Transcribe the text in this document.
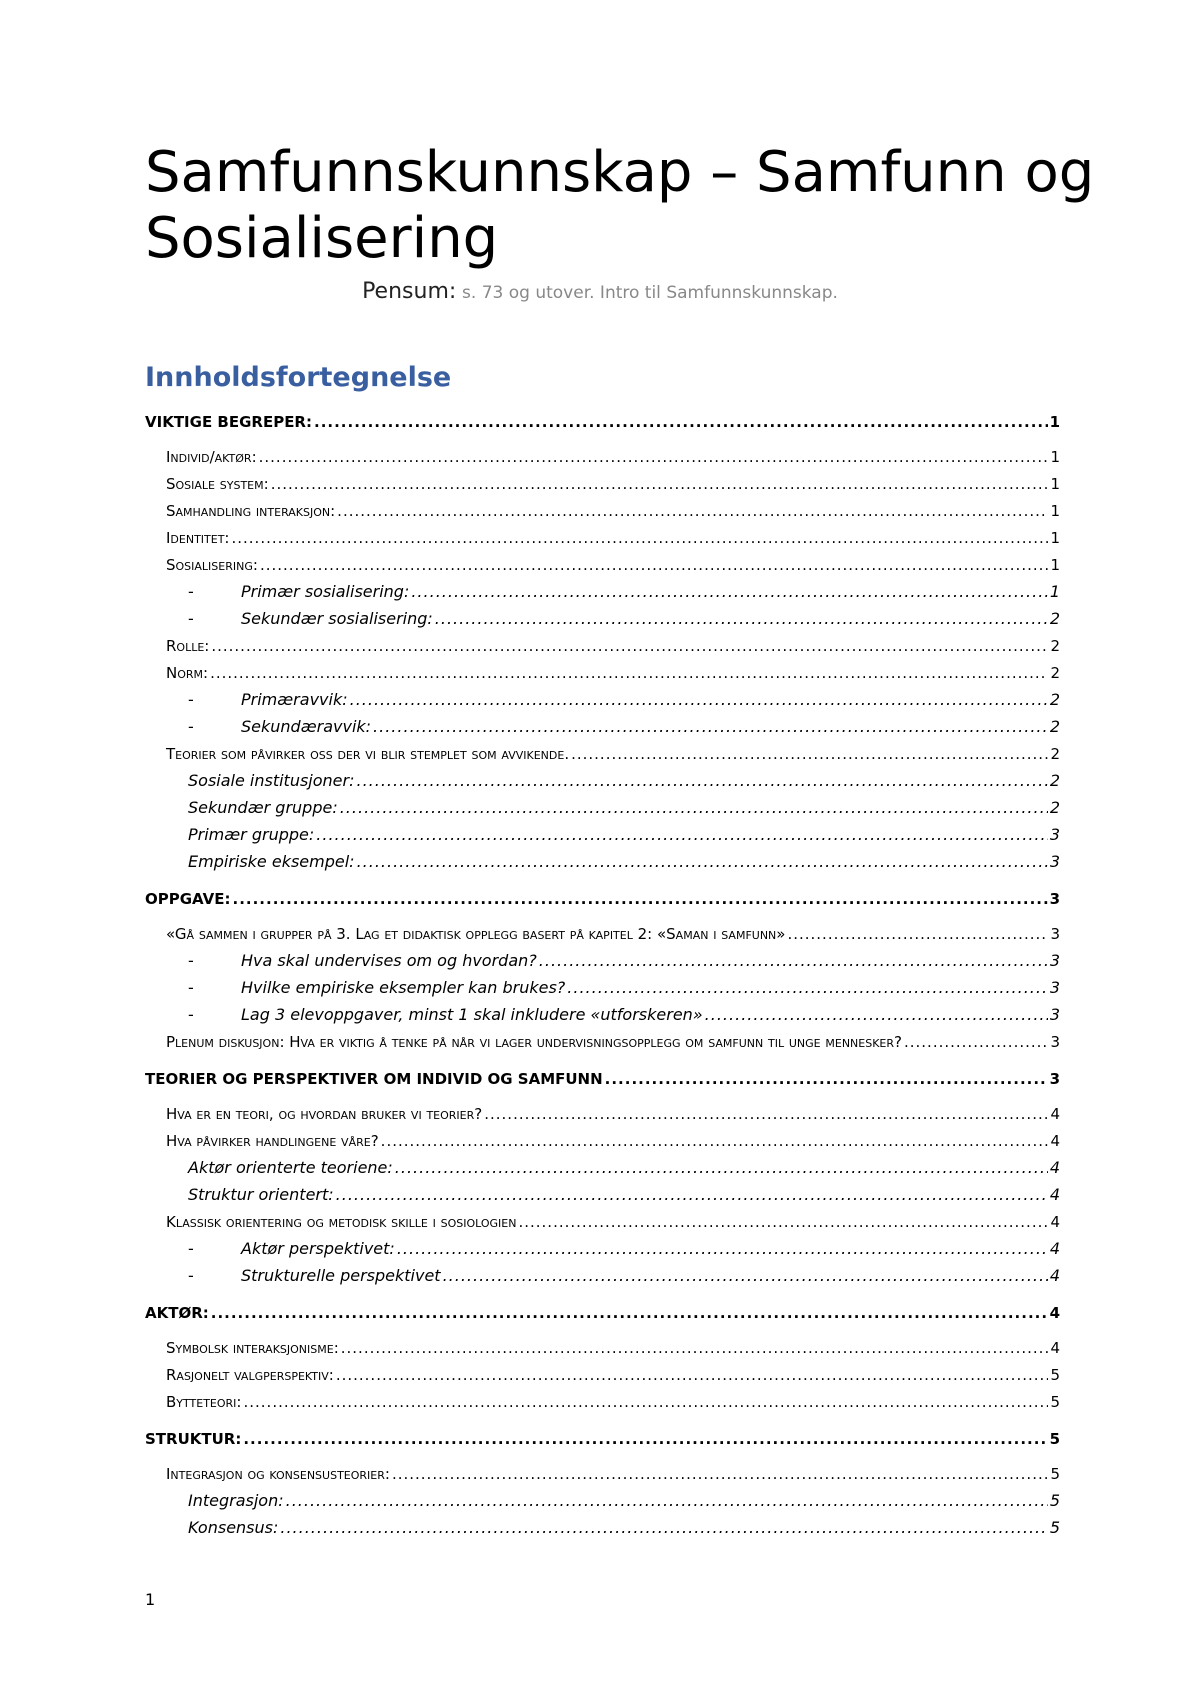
Samfunnskunnskap – Samfunn og Sosialisering
Pensum: s. 73 og utover. Intro til Samfunnskunnskap.
Innholdsfortegnelse
VIKTIGE BEGREPER: .....	1
Individ/aktør: .....	1
Sosiale system: .....	1
Samhandling interaksjon: .....	1
Identitet: .....	1
Sosialisering: .....	1
-	Primær sosialisering: .....	1
-	Sekundær sosialisering: .....	2
Rolle: .....	2
Norm: .....	2
-	Primæravvik: .....	2
-	Sekundæravvik: .....	2
Teorier som påvirker oss der vi blir stemplet som avvikende. .....	2
Sosiale institusjoner: .....	2
Sekundær gruppe: .....	2
Primær gruppe: .....	3
Empiriske eksempel: .....	3
OPPGAVE: .....	3
«Gå sammen i grupper på 3. Lag et didaktisk opplegg basert på kapitel 2: «Saman i samfunn» .....	3
-	Hva skal undervises om og hvordan? .....	3
-	Hvilke empiriske eksempler kan brukes? .....	3
-	Lag 3 elevoppgaver, minst 1 skal inkludere «utforskeren» .....	3
Plenum diskusjon: Hva er viktig å tenke på når vi lager undervisningsopplegg om samfunn til unge mennesker? .....	3
TEORIER OG PERSPEKTIVER OM INDIVID OG SAMFUNN .....	3
Hva er en teori, og hvordan bruker vi teorier? .....	4
Hva påvirker handlingene våre? .....	4
Aktør orienterte teoriene: .....	4
Struktur orientert: .....	4
Klassisk orientering og metodisk skille i sosiologien .....	4
-	Aktør perspektivet: .....	4
-	Strukturelle perspektivet .....	4
AKTØR: .....	4
Symbolsk interaksjonisme: .....	4
Rasjonelt valgperspektiv: .....	5
Bytteteori: .....	5
STRUKTUR: .....	5
Integrasjon og konsensusteorier: .....	5
Integrasjon: .....	5
Konsensus: .....	5
1
